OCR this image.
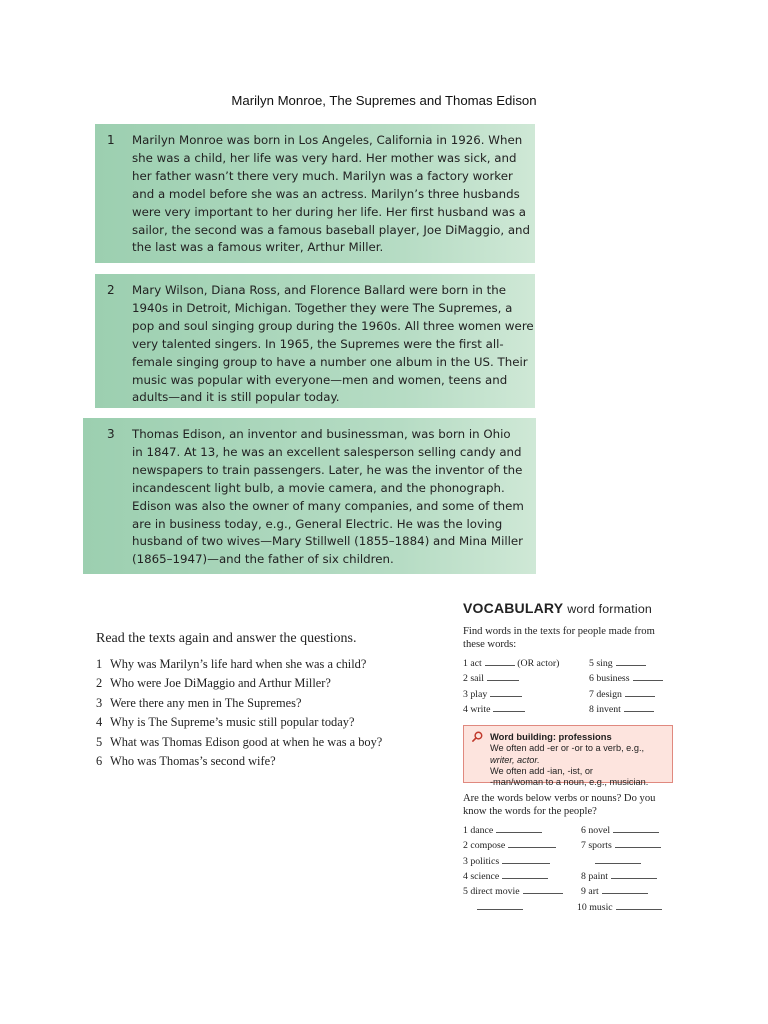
Marilyn Monroe, The Supremes and Thomas Edison
1 Marilyn Monroe was born in Los Angeles, California in 1926. When
she was a child, her life was very hard. Her mother was sick, and
her father wasn’t there very much. Marilyn was a factory worker
and a model before she was an actress. Marilyn’s three husbands
were very important to her during her life. Her first husband was a
sailor, the second was a famous baseball player, Joe DiMaggio, and
the last was a famous writer, Arthur Miller.
2 Mary Wilson, Diana Ross, and Florence Ballard were born in the
1940s in Detroit, Michigan. Together they were The Supremes, a
pop and soul singing group during the 1960s. All three women were
very talented singers. In 1965, the Supremes were the first all-
female singing group to have a number one album in the US. Their
music was popular with everyone—men and women, teens and
adults—and it is still popular today.
3 Thomas Edison, an inventor and businessman, was born in Ohio
in 1847. At 13, he was an excellent salesperson selling candy and
newspapers to train passengers. Later, he was the inventor of the
incandescent light bulb, a movie camera, and the phonograph.
Edison was also the owner of many companies, and some of them
are in business today, e.g., General Electric. He was the loving
husband of two wives—Mary Stillwell (1855–1884) and Mina Miller
(1865–1947)—and the father of six children.
Read the texts again and answer the questions.
1 Why was Marilyn’s life hard when she was a child?
2 Who were Joe DiMaggio and Arthur Miller?
3 Were there any men in The Supremes?
4 Why is The Supreme’s music still popular today?
5 What was Thomas Edison good at when he was a boy?
6 Who was Thomas’s second wife?
VOCABULARY word formation
Find words in the texts for people made from these words:
1 act	(OR actor)	5 sing
2 sail	6 business
3 play	7 design
4 write	8 invent
Word building: professions
We often add -er or -or to a verb, e.g.,
writer, actor.
We often add -ian, -ist, or
-man/woman to a noun, e.g., musician.
Are the words below verbs or nouns? Do you know the words for the people?
1 dance	6 novel
2 compose	7 sports
3 politics
4 science	8 paint
5 direct movie	9 art
10 music
